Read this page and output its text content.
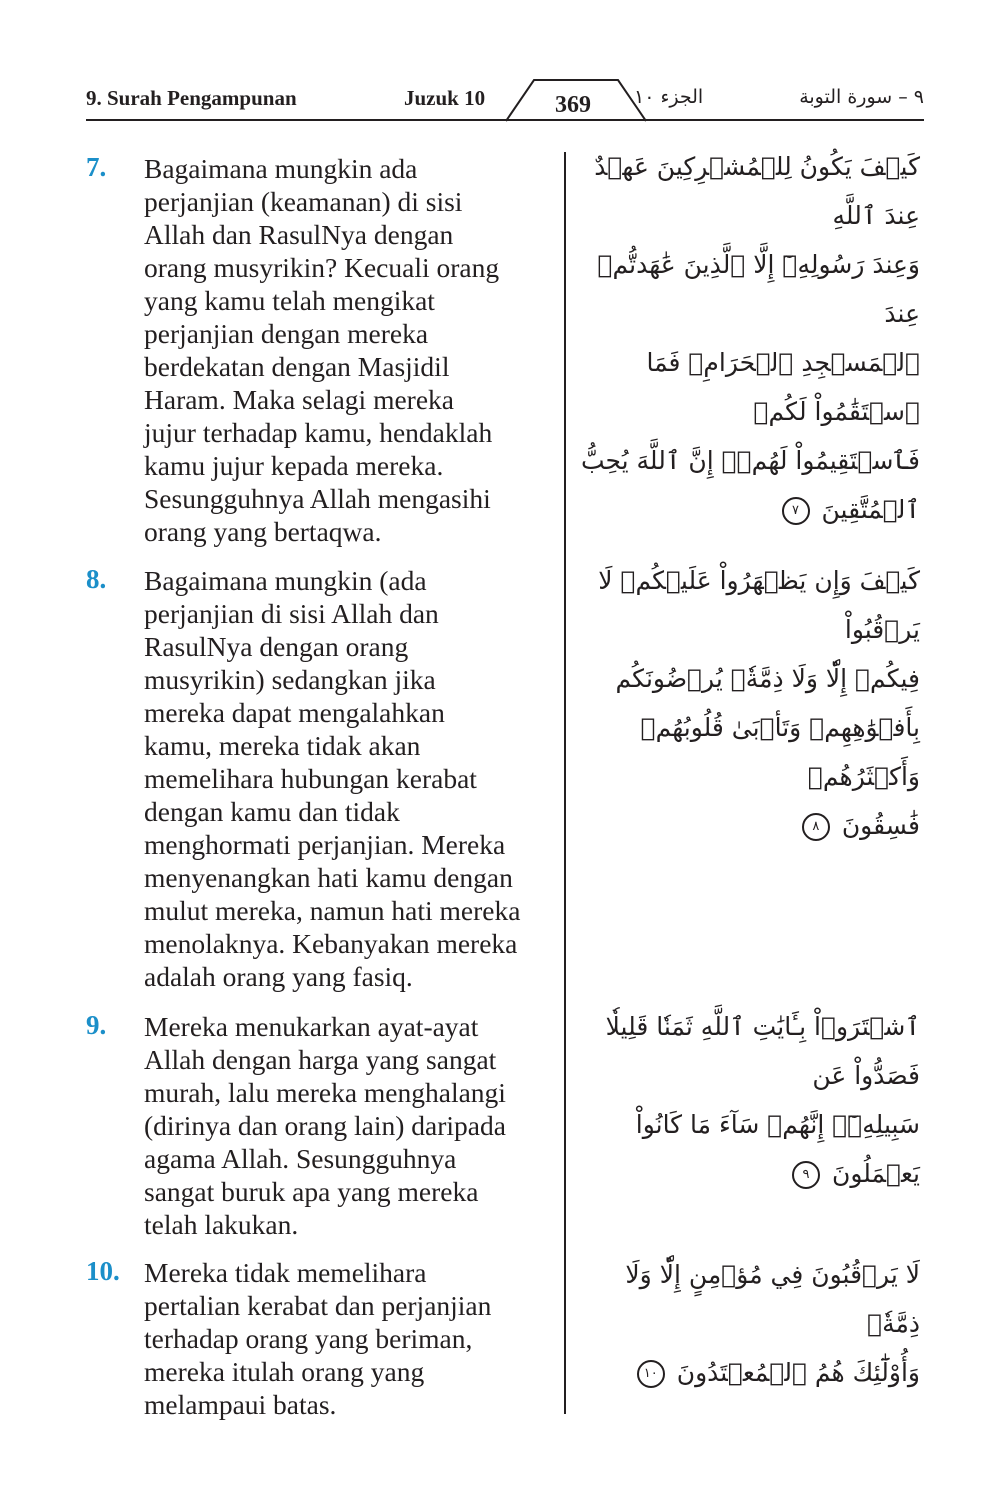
9. Surah Pengampunan	Juzuk 10	369	الجزء ١٠	٩ – سورة التوبة
7. Bagaimana mungkin ada
perjanjian (keamanan) di sisi
Allah dan RasulNya dengan
orang musyrikin? Kecuali orang
yang kamu telah mengikat
perjanjian dengan mereka
berdekatan dengan Masjidil
Haram. Maka selagi mereka
jujur terhadap kamu, hendaklah
kamu jujur kepada mereka.
Sesungguhnya Allah mengasihi
orang yang bertaqwa.
كَيۡفَ يَكُونُ لِلۡمُشۡرِكِينَ عَهۡدٌ عِندَ ٱللَّهِ
وَعِندَ رَسُولِهِۦٓ إِلَّا ٱلَّذِينَ عَٰهَدتُّمۡ عِندَ
ٱلۡمَسۡجِدِ ٱلۡحَرَامِۖ فَمَا ٱسۡتَقَٰمُواْ لَكُمۡ
فَٱسۡتَقِيمُواْ لَهُمۡۚ إِنَّ ٱللَّهَ يُحِبُّ
ٱلۡمُتَّقِينَ ٧
8. Bagaimana mungkin (ada
perjanjian di sisi Allah dan
RasulNya dengan orang
musyrikin) sedangkan jika
mereka dapat mengalahkan
kamu, mereka tidak akan
memelihara hubungan kerabat
dengan kamu dan tidak
menghormati perjanjian. Mereka
menyenangkan hati kamu dengan
mulut mereka, namun hati mereka
menolaknya. Kebanyakan mereka
adalah orang yang fasiq.
كَيۡفَ وَإِن يَظۡهَرُواْ عَلَيۡكُمۡ لَا يَرۡقُبُواْ
فِيكُمۡ إِلّٗا وَلَا ذِمَّةٗۚ يُرۡضُونَكُم
بِأَفۡوَٰهِهِمۡ وَتَأۡبَىٰ قُلُوبُهُمۡ وَأَكۡثَرُهُمۡ
فَٰسِقُونَ ٨
9. Mereka menukarkan ayat-ayat
Allah dengan harga yang sangat
murah, lalu mereka menghalangi
(dirinya dan orang lain) daripada
agama Allah. Sesungguhnya
sangat buruk apa yang mereka
telah lakukan.
ٱشۡتَرَوۡاْ بِـَٔايَٰتِ ٱللَّهِ ثَمَنٗا قَلِيلٗا فَصَدُّواْ عَن
سَبِيلِهِۦٓۚ إِنَّهُمۡ سَآءَ مَا كَانُواْ
يَعۡمَلُونَ ٩
10. Mereka tidak memelihara
pertalian kerabat dan perjanjian
terhadap orang yang beriman,
mereka itulah orang yang
melampaui batas.
لَا يَرۡقُبُونَ فِي مُؤۡمِنٍ إِلّٗا وَلَا ذِمَّةٗۚ
وَأُوْلَٰٓئِكَ هُمُ ٱلۡمُعۡتَدُونَ ١٠
